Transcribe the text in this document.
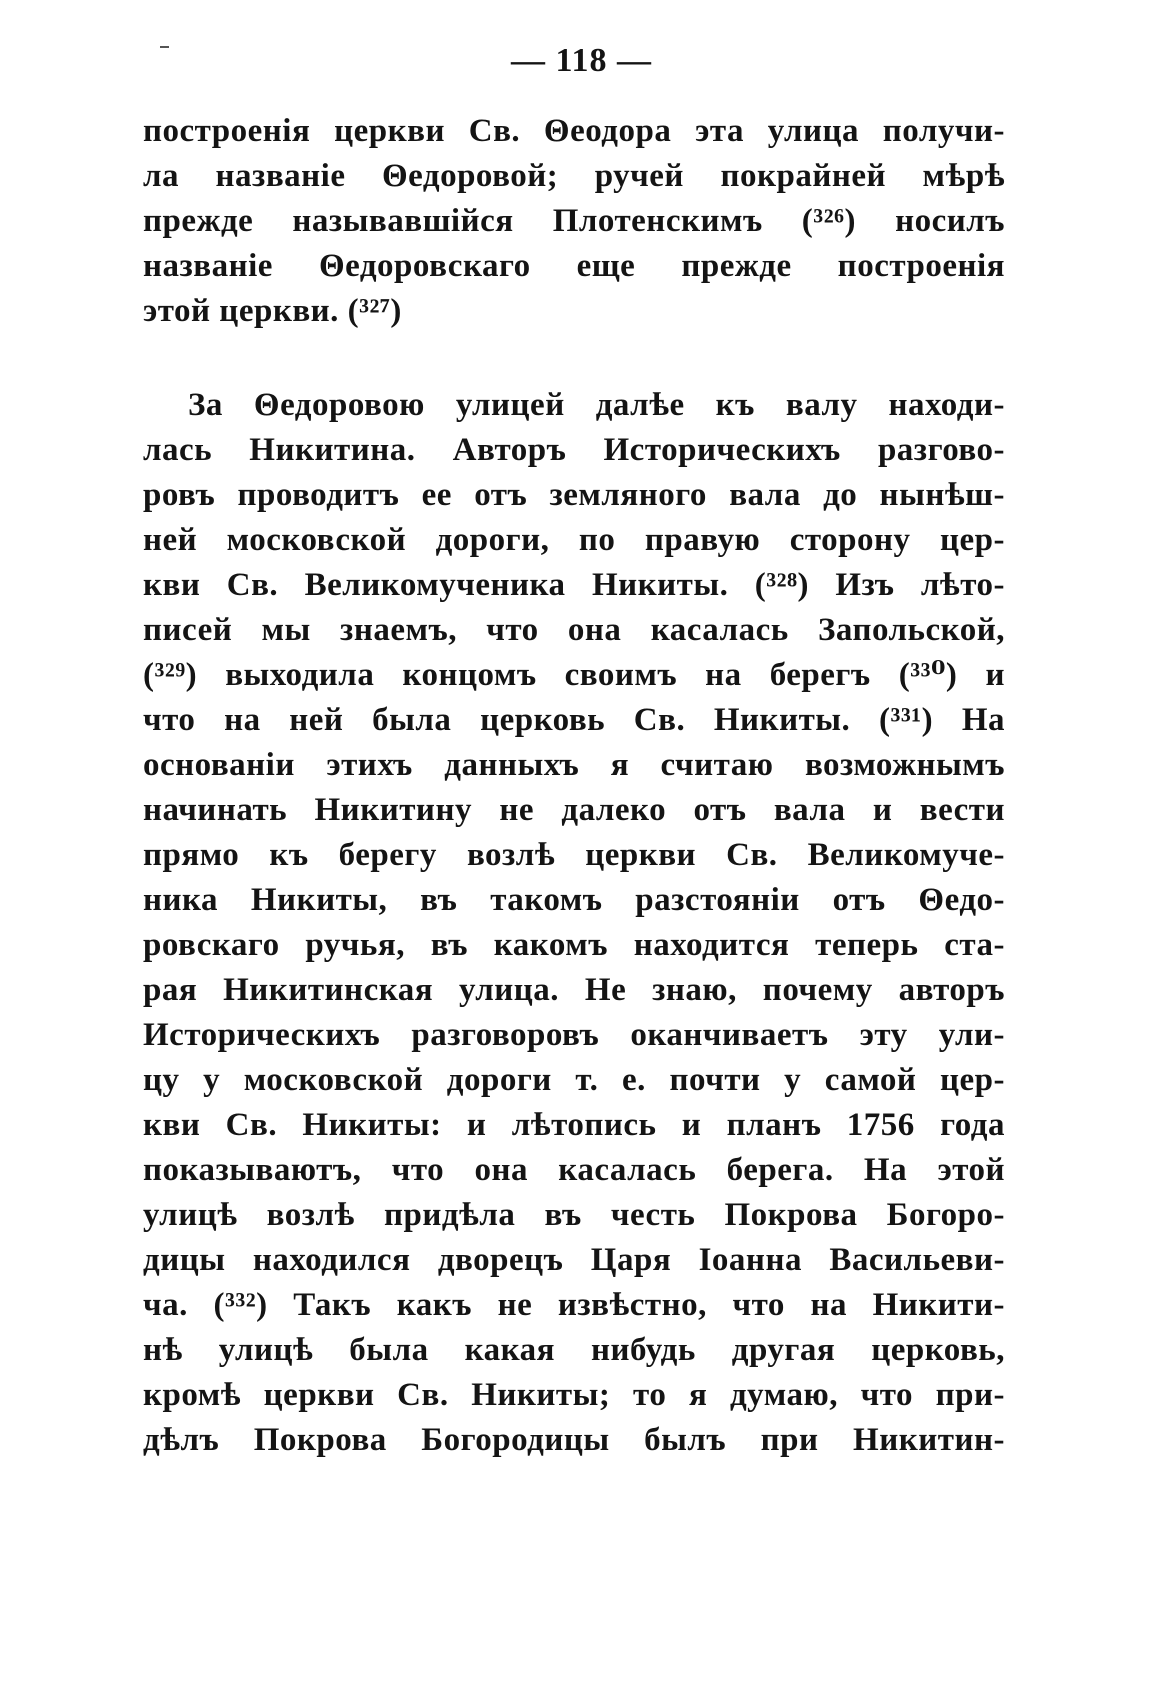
— 118 —
построенія церкви Св. Θеодора эта улица получи-
ла названіе Θедоровой; ручей покрайней мѣрѣ
прежде называвшійся Плотенскимъ (³²⁶) носилъ
названіе Θедоровскаго еще прежде построенія
этой церкви. (³²⁷)
За Θедоровою улицей далѣе къ валу находи-
лась Никитина. Авторъ Историческихъ разгово-
ровъ проводитъ ее отъ земляного вала до нынѣш-
ней московской дороги, по правую сторону цер-
кви Св. Великомученика Никиты. (³²⁸) Изъ лѣто-
писей мы знаемъ, что она касалась Запольской,
(³²⁹) выходила концомъ своимъ на берегъ (³³⁰) и
что на ней была церковь Св. Никиты. (³³¹) На
основаніи этихъ данныхъ я считаю возможнымъ
начинать Никитину не далеко отъ вала и вести
прямо къ берегу возлѣ церкви Св. Великомуче-
ника Никиты, въ такомъ разстояніи отъ Θедо-
ровскаго ручья, въ какомъ находится теперь ста-
рая Никитинская улица. Не знаю, почему авторъ
Историческихъ разговоровъ оканчиваетъ эту ули-
цу у московской дороги т. е. почти у самой цер-
кви Св. Никиты: и лѣтопись и планъ 1756 года
показываютъ, что она касалась берега. На этой
улицѣ возлѣ придѣла въ честь Покрова Богоро-
дицы находился дворецъ Царя Іоанна Васильеви-
ча. (³³²) Такъ какъ не извѣстно, что на Никити-
нѣ улицѣ была какая нибудь другая церковь,
кромѣ церкви Св. Никиты; то я думаю, что при-
дѣлъ Покрова Богородицы былъ при Никитин-
